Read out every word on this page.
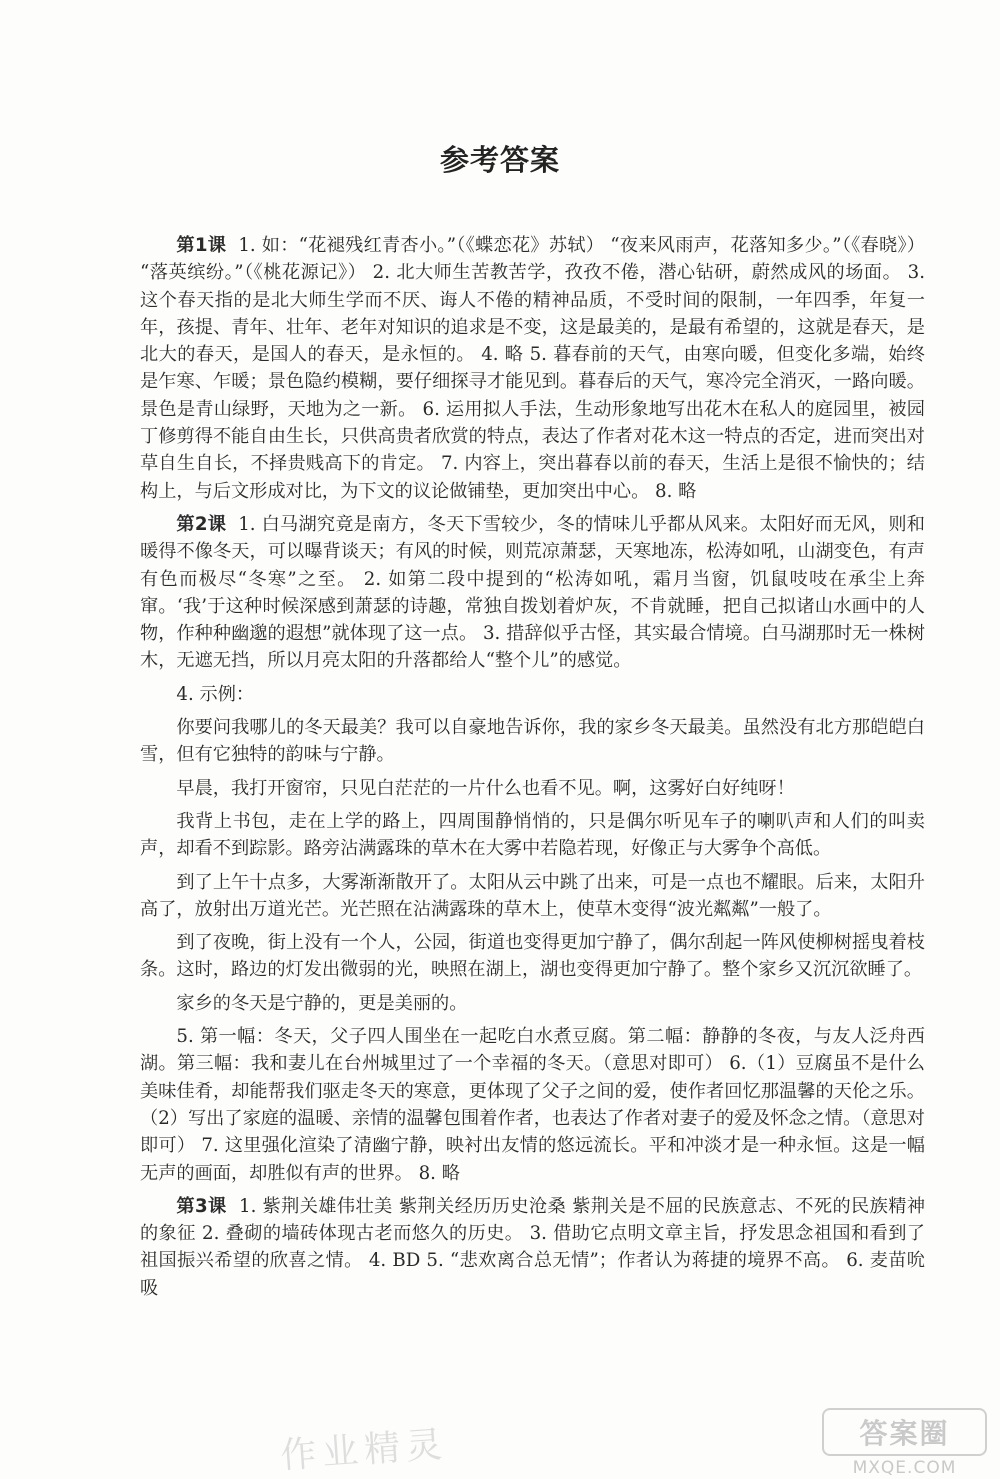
参考答案

第1课 1. 如：“花褪残红青杏小。”（《蝶恋花》苏轼） “夜来风雨声，花落知多少。”（《春晓》） “落英缤纷。”（《桃花源记》） 2. 北大师生苦教苦学，孜孜不倦，潜心钻研，蔚然成风的场面。 3. 这个春天指的是北大师生学而不厌、诲人不倦的精神品质，不受时间的限制，一年四季，年复一年，孩提、青年、壮年、老年对知识的追求是不变，这是最美的，是最有希望的，这就是春天，是北大的春天，是国人的春天，是永恒的。 4. 略 5. 暮春前的天气，由寒向暖，但变化多端，始终是乍寒、乍暖；景色隐约模糊，要仔细探寻才能见到。暮春后的天气，寒冷完全消灭，一路向暖。景色是青山绿野，天地为之一新。 6. 运用拟人手法，生动形象地写出花木在私人的庭园里，被园丁修剪得不能自由生长，只供高贵者欣赏的特点，表达了作者对花木这一特点的否定，进而突出对草自生自长，不择贵贱高下的肯定。 7. 内容上，突出暮春以前的春天，生活上是很不愉快的；结构上，与后文形成对比，为下文的议论做铺垫，更加突出中心。 8. 略

第2课 1. 白马湖究竟是南方，冬天下雪较少，冬的情味儿乎都从风来。太阳好而无风，则和暖得不像冬天，可以曝背谈天；有风的时候，则荒凉萧瑟，天寒地冻，松涛如吼，山湖变色，有声有色而极尽“冬寒”之至。 2. 如第二段中提到的“松涛如吼，霜月当窗，饥鼠吱吱在承尘上奔窜。‘我’于这种时候深感到萧瑟的诗趣，常独自拨划着炉灰，不肯就睡，把自己拟诸山水画中的人物，作种种幽邈的遐想”就体现了这一点。 3. 措辞似乎古怪，其实最合情境。白马湖那时无一株树木，无遮无挡，所以月亮太阳的升落都给人“整个儿”的感觉。

4. 示例：

你要问我哪儿的冬天最美？我可以自豪地告诉你，我的家乡冬天最美。虽然没有北方那皑皑白雪，但有它独特的韵味与宁静。

早晨，我打开窗帘，只见白茫茫的一片什么也看不见。啊，这雾好白好纯呀！

我背上书包，走在上学的路上，四周围静悄悄的，只是偶尔听见车子的喇叭声和人们的叫卖声，却看不到踪影。路旁沾满露珠的草木在大雾中若隐若现，好像正与大雾争个高低。

到了上午十点多，大雾渐渐散开了。太阳从云中跳了出来，可是一点也不耀眼。后来，太阳升高了，放射出万道光芒。光芒照在沾满露珠的草木上，使草木变得“波光粼粼”一般了。

到了夜晚，街上没有一个人，公园，街道也变得更加宁静了，偶尔刮起一阵风使柳树摇曳着枝条。这时，路边的灯发出微弱的光，映照在湖上，湖也变得更加宁静了。整个家乡又沉沉欲睡了。

家乡的冬天是宁静的，更是美丽的。

5. 第一幅：冬天，父子四人围坐在一起吃白水煮豆腐。第二幅：静静的冬夜，与友人泛舟西湖。第三幅：我和妻儿在台州城里过了一个幸福的冬天。（意思对即可） 6.（1）豆腐虽不是什么美味佳肴，却能帮我们驱走冬天的寒意，更体现了父子之间的爱，使作者回忆那温馨的天伦之乐。 （2）写出了家庭的温暖、亲情的温馨包围着作者，也表达了作者对妻子的爱及怀念之情。（意思对即可） 7. 这里强化渲染了清幽宁静，映衬出友情的悠远流长。平和冲淡才是一种永恒。这是一幅无声的画面，却胜似有声的世界。 8. 略

第3课 1. 紫荆关雄伟壮美 紫荆关经历历史沧桑 紫荆关是不屈的民族意志、不死的民族精神的象征 2. 叠砌的墙砖体现古老而悠久的历史。 3. 借助它点明文章主旨，抒发思念祖国和看到了祖国振兴希望的欣喜之情。 4. BD 5. “悲欢离合总无情”；作者认为蒋捷的境界不高。 6. 麦苗吮吸

作业精灵	答案圈
MXQE.COM
